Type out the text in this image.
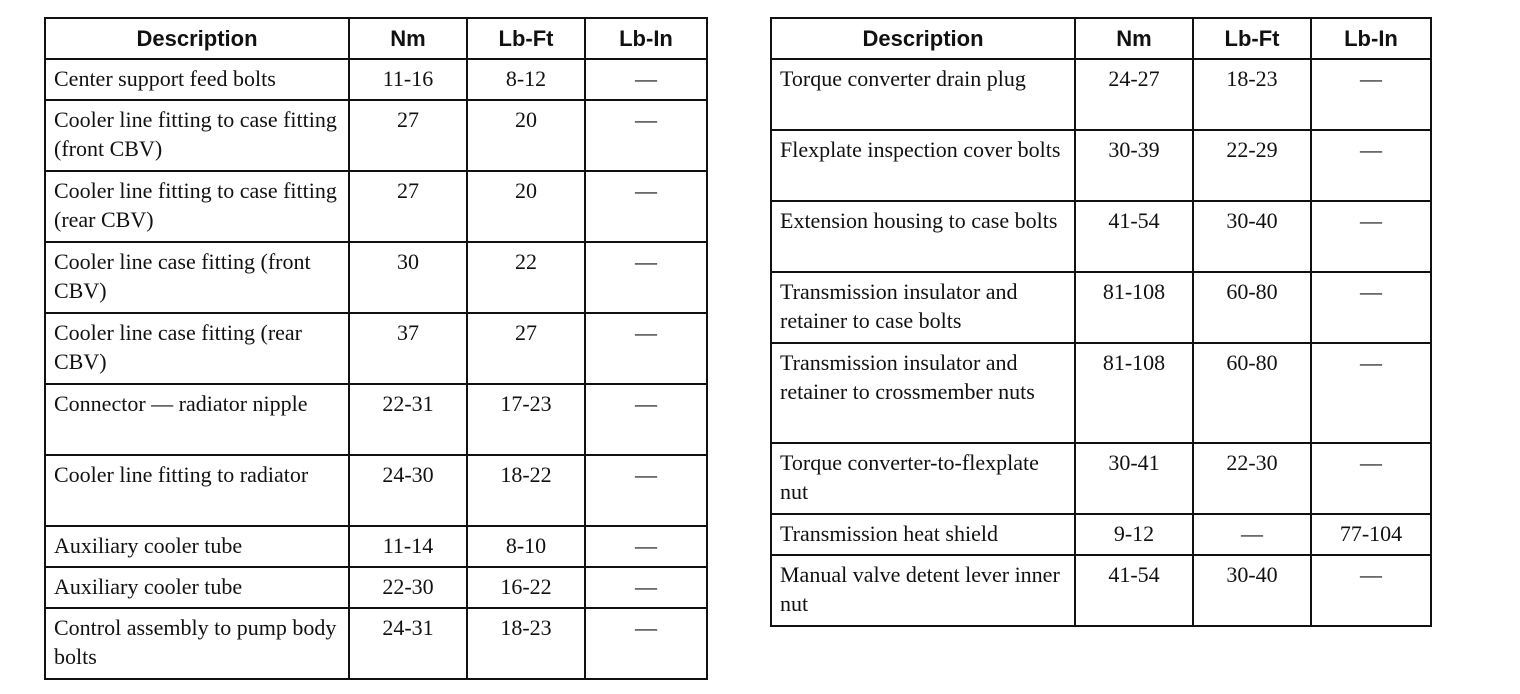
Description	Nm	Lb-Ft	Lb-In
Center support feed bolts	11-16	8-12	—
Cooler line fitting to case fitting (front CBV)	27	20	—
Cooler line fitting to case fitting (rear CBV)	27	20	—
Cooler line case fitting (front CBV)	30	22	—
Cooler line case fitting (rear CBV)	37	27	—
Connector — radiator nipple	22-31	17-23	—
Cooler line fitting to radiator	24-30	18-22	—
Auxiliary cooler tube	11-14	8-10	—
Auxiliary cooler tube	22-30	16-22	—
Control assembly to pump body bolts	24-31	18-23	—
Description	Nm	Lb-Ft	Lb-In
Torque converter drain plug	24-27	18-23	—
Flexplate inspection cover bolts	30-39	22-29	—
Extension housing to case bolts	41-54	30-40	—
Transmission insulator and retainer to case bolts	81-108	60-80	—
Transmission insulator and retainer to crossmember nuts	81-108	60-80	—
Torque converter-to-flexplate nut	30-41	22-30	—
Transmission heat shield	9-12	—	77-104
Manual valve detent lever inner nut	41-54	30-40	—
